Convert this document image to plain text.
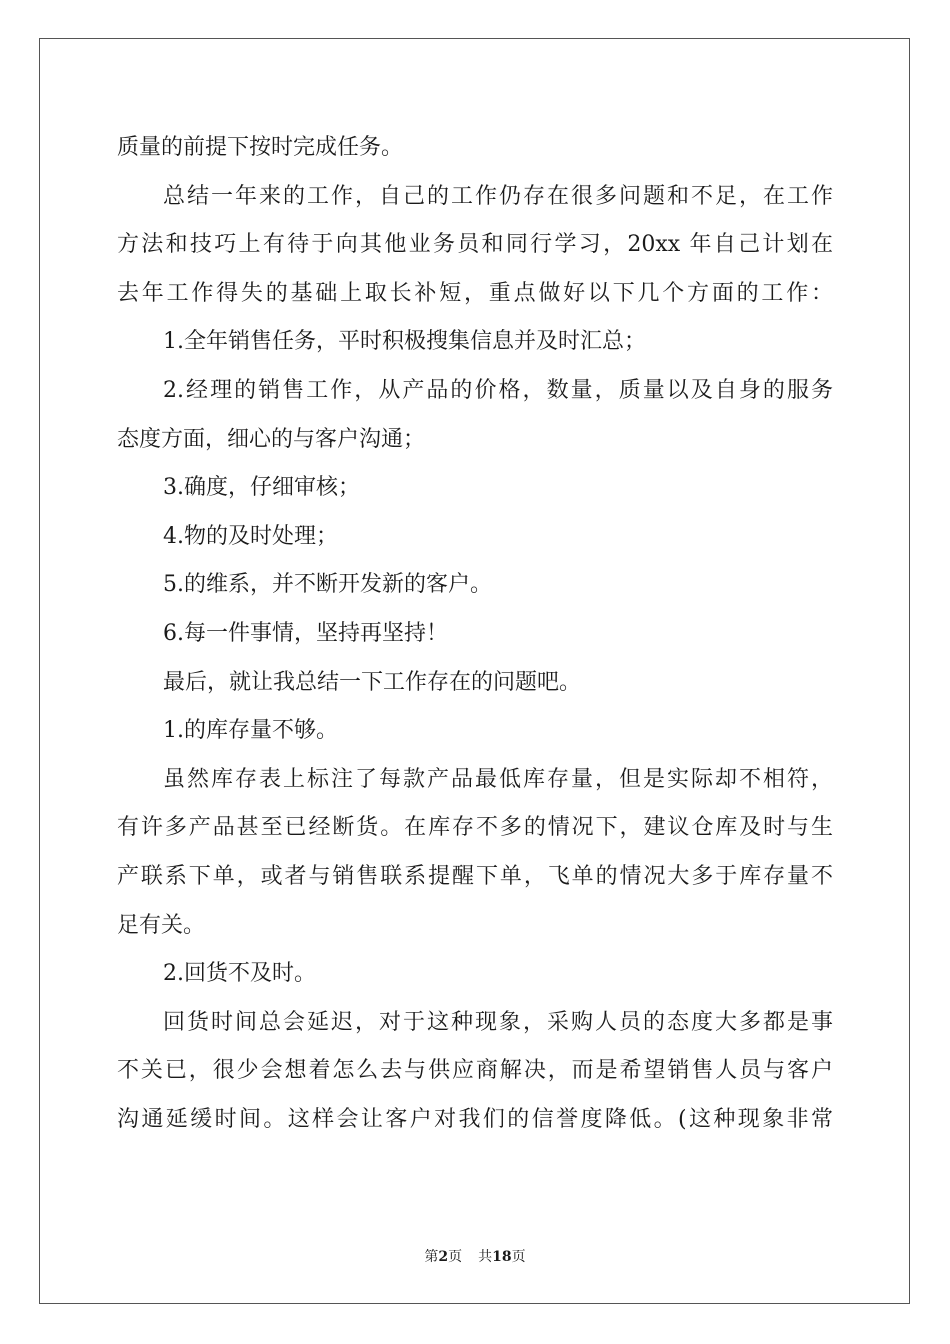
质量的前提下按时完成任务。
总结一年来的工作，自己的工作仍存在很多问题和不足，在工作
方法和技巧上有待于向其他业务员和同行学习，20xx 年自己计划在
去年工作得失的基础上取长补短，重点做好以下几个方面的工作：
1.全年销售任务，平时积极搜集信息并及时汇总；
2.经理的销售工作，从产品的价格，数量，质量以及自身的服务
态度方面，细心的与客户沟通；
3.确度，仔细审核；
4.物的及时处理；
5.的维系，并不断开发新的客户。
6.每一件事情，坚持再坚持！
最后，就让我总结一下工作存在的问题吧。
1.的库存量不够。
虽然库存表上标注了每款产品最低库存量，但是实际却不相符，
有许多产品甚至已经断货。在库存不多的情况下，建议仓库及时与生
产联系下单，或者与销售联系提醒下单，飞单的情况大多于库存量不
足有关。
2.回货不及时。
回货时间总会延迟，对于这种现象，采购人员的态度大多都是事
不关已，很少会想着怎么去与供应商解决，而是希望销售人员与客户
沟通延缓时间。这样会让客户对我们的信誉度降低。(这种现象非常
第2页 共18页
